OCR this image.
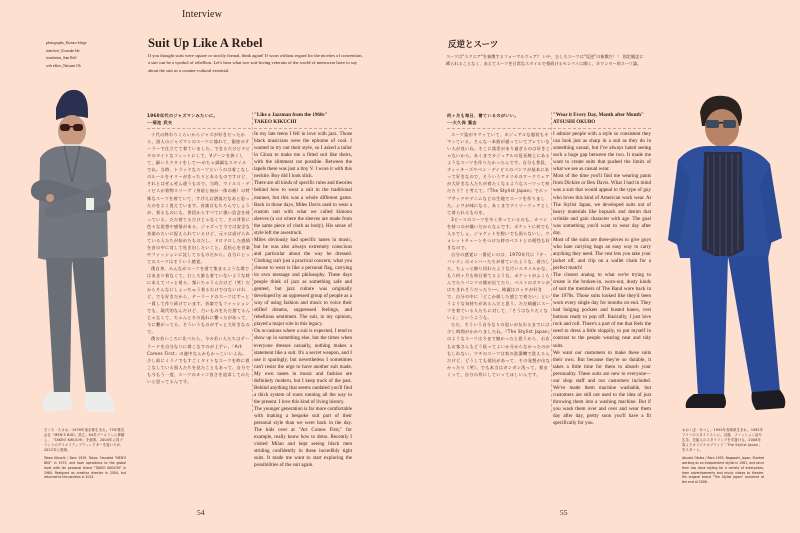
Interview
photographs_Kiotaro Ichige
interview_Kousuke Ide
translation_Sam Reff
web editor_Natsumi Oh
Suit Up Like A Rebel
If you thought suits were square or strictly formal, think again! If worn without regard for the niceties of convention, a suit can be a symbol of rebellion. Let's hear what two suit-loving veterans of the world of menswear have to say about the suit as a counter-cultural essential.
1960年代のジャズマンみたいに。
──菊池 武夫

十代の終わりくらいからジャズが好きだったから、黒人のジャズマンのスーツに憧れて、銀座のテーラーで仕立てて着ていました。できるだけピタピタのタイトなフィットにして、Vゾーンを狭くして、細いネクタイをして──めちゃ細細なスタイルでね。当時、トラッドなスーツというのは着こなしのルールをオリーがきっちりとあるものですけど、それとはぜんぜん違うもので。当時、マイルス・デイビスが着物スリーブ（身頃と袖が一体の袖）の特殊なスーツを着ていて、すげえお洒落だなあと思ったのをよく覚えています。音楽はもちろんでしょうが、着るものにも、普段からすべてに強い信念を持っている。ただ着てるだけじゃなくて、その背景に色々な思想や感情がある。ジャズって今では安全な音楽みたいに捉えられているけど、元々は虐げられている人たちが始めたものだし、ドロドロした感情を音の中に対して吐き出したいこと。反抗心を音楽やファッションに託してるものだから。自分にとってのスーツはそういう感覚。

僕自身、みんながスーツを着て集まるような場ではあまり着なくて。むしろ誰も着ていないような時にあえてパッと着る。頻いちゃうんだけど（笑）だからそんなにしょっちゅう着るわけではないけれど、でも好きだから、テーラードのスーツはずっと一貫して作り続けています。音楽でもファッションでも、現代的なんだけど、古いものをただ捨てるんじゃなくて、ちゃんとその流れに繋ったがあって、今に繋がってる。そういうものがずっと大好きなので。

僕の若いころに比べたら、今の若い人たちはテーラードを自分なりに着こなすのが上手い。「Art Comes First」の連中なんかもかっこいいよね。少し前にミラノでもすごくタイトなスーツを粋に着こなしている黒人たちを見たこともあって、自分でも今もう一度、スーツのカッコ良さを追求してみたいと思ってるんです。

"Like a Jazzman from the 1960s"
TAKEO KIKUCHI

In my late teens I fell in love with jazz. Those black musicians were the epitome of cool. I wanted to try out their style, so I asked a tailor in Ginza to make me a fitted suit like theirs, with the slimmest cut possible. Between the lapels there was just a tiny V. I wore it with this necktie. Boy did I look slick.

There are all kinds of specific rules and theories behind how to wear a suit in the traditional manner, but this was a whole different game. Back in those days, Miles Davis used to wear a custom suit with what we called kimono sleeves (a cut where the sleeves are made from the same piece of cloth as body). His sense of style left me awestruck.

Miles obviously had specific tastes in music, but he was also always extremely conscious and particular about the way he dressed. Clothing isn't just a practical concern; what you choose to wear is like a personal flag, carrying its own message and philosophy. These days people think of jazz as something safe and genteel, but jazz culture was originally developed by an oppressed group of people as a way of using fashion and music to voice their stifled dreams, suppressed feelings, and rebellious sentiment. The suit, in my opinion, played a major role in this legacy.

On occasions where a suit is expected, I tend to show up in something else, but the times when everyone dresses casually, nothing makes a statement like a suit. It's a secret weapon, and I use it sparingly, but nevertheless I sometimes can't resist the urge to have another suit made. My own tastes in music and fashion are definitely modern, but I keep track of the past. Behind anything that seems outdated you'll find a thick system of roots running all the way to the present. I love this kind of living history.

The younger generation is far more comfortable with making a bespoke suit part of their personal style than we were back in the day. The kids over at "Art Comes First," for example, really know how to dress. Recently I visited Milan and kept seeing black men striding confidently in these incredibly tight suits. It made me want to start exploring the possibilities of the suit again.

きくち・たけお／1939年東京都生まれ。75年株式会社「MEN'S BIGI」設立。84年ブーメランに移籍し、「TAKEO KIKUCHI」を創業。2004年に同ブランドのクリエイティブディレクターを退いたが、2012年に復帰。
Takeo Kikuchi / Born 1939, Tokyo. Founded "MEN'S BIGI" in 1975, and took operations to the global level with his personal brand "TAKEO KIKUCHI" in 1984. Resigned as creative director in 2004, but returned to the position in 2012.
54
反逆とスーツ
スーツは"スクエア"を象徴するフォーマルウェア？ いや、むしろスーツは"反逆"の象徴だ！！ 固定観念に縛られることなく、あえてスーツを日常なスタイルで着続けるセンパイに聞く、カウンター的スーツ論。
何ヶ月も毎日、着ているのがいい。
──大久保 篤志

スーツ姿がキマッていて、カジュアルな服装もキマッている。そんな一本筋が通っていてブレていない人が良いね。そこに落差があり過ぎるのは好きじゃないから。あくまでカジュアルの延長線上にあるようなスーツを作りたかったんです。自分も普段、ディッキーズやベン・デイビスのパンツが基本にあって好きなので、そういうアメリカのワークウェアが大好きな人たちが着たくなるようなスーツって何だろう？と考えて。『The Stylist Japan』でホップサックやデニムなどの生地でスーツを作りました。シワが味になる、あくまでデイリーウェアとして着られるものを。

3ピースのスーツを多く作っているのも、カバンを持つのが嫌いだからなんです。ポケットに何でも入るでしょ。ジャケットを脱いでも困らないし、ウォレットチェーンをつけた時のベストとの相性も好きなので。

自分の感覚に一番近いのは、1970年代に『ザ・バンド』のメンバーたちが着ていたような、着古した、ちょっと擦り切れたような汚いスタイルかな。もう何ヶ月も毎日着てるような、ポケットがふくらんでたりパンツの膝が出てたり、ベストのボタンがはちきれそうだったり──。綺麗はロッチが好きで、自分の中に「どこか崩した感じで着たい」というような気持ちがあるんだと思う。ただ綺麗にスーツを着ている人たちに対して、「そうはなりたくないよ」というような。

ただ、そういう自分なりの思いが伝わるまでには少し時間がかかりましたね。『The Stylist Japan』のようなスーツは今まで無かったと思うから、お店もお客さんもどう扱ってよいか分からなかったのかもしれない。ウチのスーツは家の洗濯機で洗えるんだけど、どうしても抵抗があって、その発想が出なかったり（笑）。でも本当はガンガン洗って、着まくって、自分の形にしていってほしいんです。

"Wear it Every Day, Month after Month"
ATSUSHI OKUBO

I admire people with a style so consistent they can look just as sharp in a suit as they do in something casual, but I've always hated seeing such a huge gap between the two. It made me want to create suits that pushed the limits of what we see as casual wear.

Most of the time you'll find me wearing pants from Dickies or Ben Davis. What I had in mind was a suit that would appeal to the type of guy who loves this kind of American work wear. At The Stylist Japan, we developed suits out of heavy materials like hopsack and denim that wrinkle and gain character with age. The goal was something you'd want to wear day after day.

Most of the suits are three-pieces to give guys who hate carrying bags an easy way to carry anything they need. The vest lets you take your jacket off, and clip on a wallet chain for a perfect match!

The closest analog to what we're trying to create is the broken-in, worn-out, dusty kinds of suit the members of The Band wore back in the 1970s. Those suits looked like they'd been worn every single day for months on end. They had bulging pockets and busted knees, vest buttons ready to pop off. Basically, I just love rock and roll. There's a part of me that feels the need to dress a little sloppily, to put myself in contrast to the people wearing neat and tidy suits.

We want our customers to make these suits their own. But because they're so durable, it takes a little time for them to absorb your personality. These suits are new to everyone—our shop staff and our customers included. We've made them machine washable, but customers are still not used to the idea of just throwing them into a washing machine. But if you wash them over and over and wear them day after day, pretty soon you'll have a fit specifically for you.

おおくぼ・あつし／1955年長崎県生まれ。1981年フリーのスタイリストに。以後、ファッション誌や広告、芸能人のスタイリングを手掛ける。2008年春よりオリジナルブランド「The Stylist Japan」をスタート。
Atsushi Okubo / Born 1955, Nagasaki, Japan. Started working as an independent stylist in 1981, and since then has done styling for a variety of enterprises, from advertisements and music videos to theatre. His original brand "The Stylist Japan" launched at the end of 2008.
55
